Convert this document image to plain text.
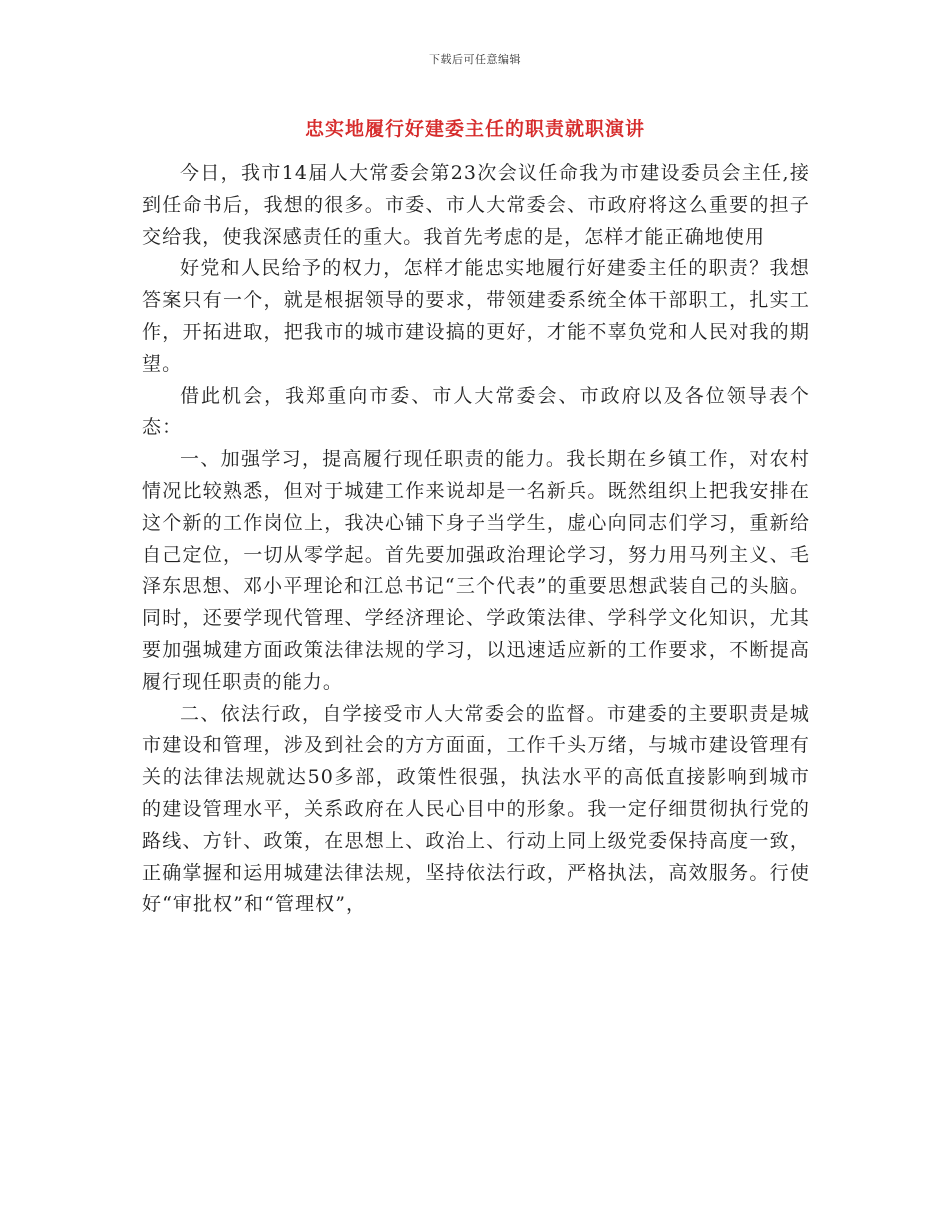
下载后可任意编辑
忠实地履行好建委主任的职责就职演讲

今日，我市14届人大常委会第23次会议任命我为市建设委员会主任,接到任命书后，我想的很多。市委、市人大常委会、市政府将这么重要的担子交给我，使我深感责任的重大。我首先考虑的是，怎样才能正确地使用

好党和人民给予的权力，怎样才能忠实地履行好建委主任的职责？我想答案只有一个，就是根据领导的要求，带领建委系统全体干部职工，扎实工作，开拓进取，把我市的城市建设搞的更好，才能不辜负党和人民对我的期望。

借此机会，我郑重向市委、市人大常委会、市政府以及各位领导表个态：

一、加强学习，提高履行现任职责的能力。我长期在乡镇工作，对农村情况比较熟悉，但对于城建工作来说却是一名新兵。既然组织上把我安排在这个新的工作岗位上，我决心铺下身子当学生，虚心向同志们学习，重新给自己定位，一切从零学起。首先要加强政治理论学习，努力用马列主义、毛泽东思想、邓小平理论和江总书记“三个代表”的重要思想武装自己的头脑。同时，还要学现代管理、学经济理论、学政策法律、学科学文化知识，尤其要加强城建方面政策法律法规的学习，以迅速适应新的工作要求，不断提高履行现任职责的能力。

二、依法行政，自学接受市人大常委会的监督。市建委的主要职责是城市建设和管理，涉及到社会的方方面面，工作千头万绪，与城市建设管理有关的法律法规就达50多部，政策性很强，执法水平的高低直接影响到城市的建设管理水平，关系政府在人民心目中的形象。我一定仔细贯彻执行党的路线、方针、政策，在思想上、政治上、行动上同上级党委保持高度一致，正确掌握和运用城建法律法规，坚持依法行政，严格执法，高效服务。行使好“审批权”和“管理权”，
